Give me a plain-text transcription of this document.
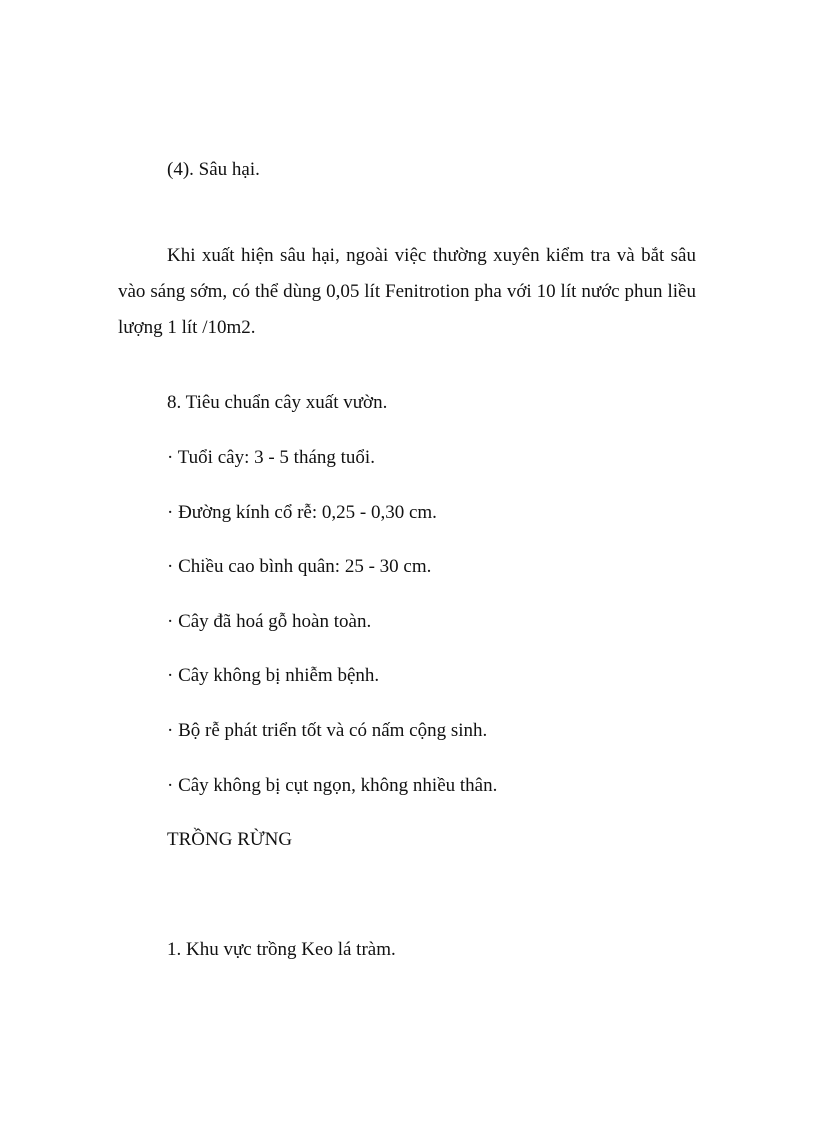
(4). Sâu hại.
Khi xuất hiện sâu hại, ngoài việc thường xuyên kiểm tra và bắt sâu vào sáng sớm, có thể dùng 0,05 lít Fenitrotion pha với 10 lít nước phun liều lượng 1 lít /10m2.
8. Tiêu chuẩn cây xuất vườn.
· Tuổi cây: 3 - 5 tháng tuổi.
· Đường kính cổ rễ: 0,25 - 0,30 cm.
· Chiều cao bình quân: 25 - 30 cm.
· Cây đã hoá gỗ hoàn toàn.
· Cây không bị nhiễm bệnh.
· Bộ rễ phát triển tốt và có nấm cộng sinh.
· Cây không bị cụt ngọn, không nhiều thân.
TRỒNG RỪNG
1. Khu vực trồng Keo lá tràm.
